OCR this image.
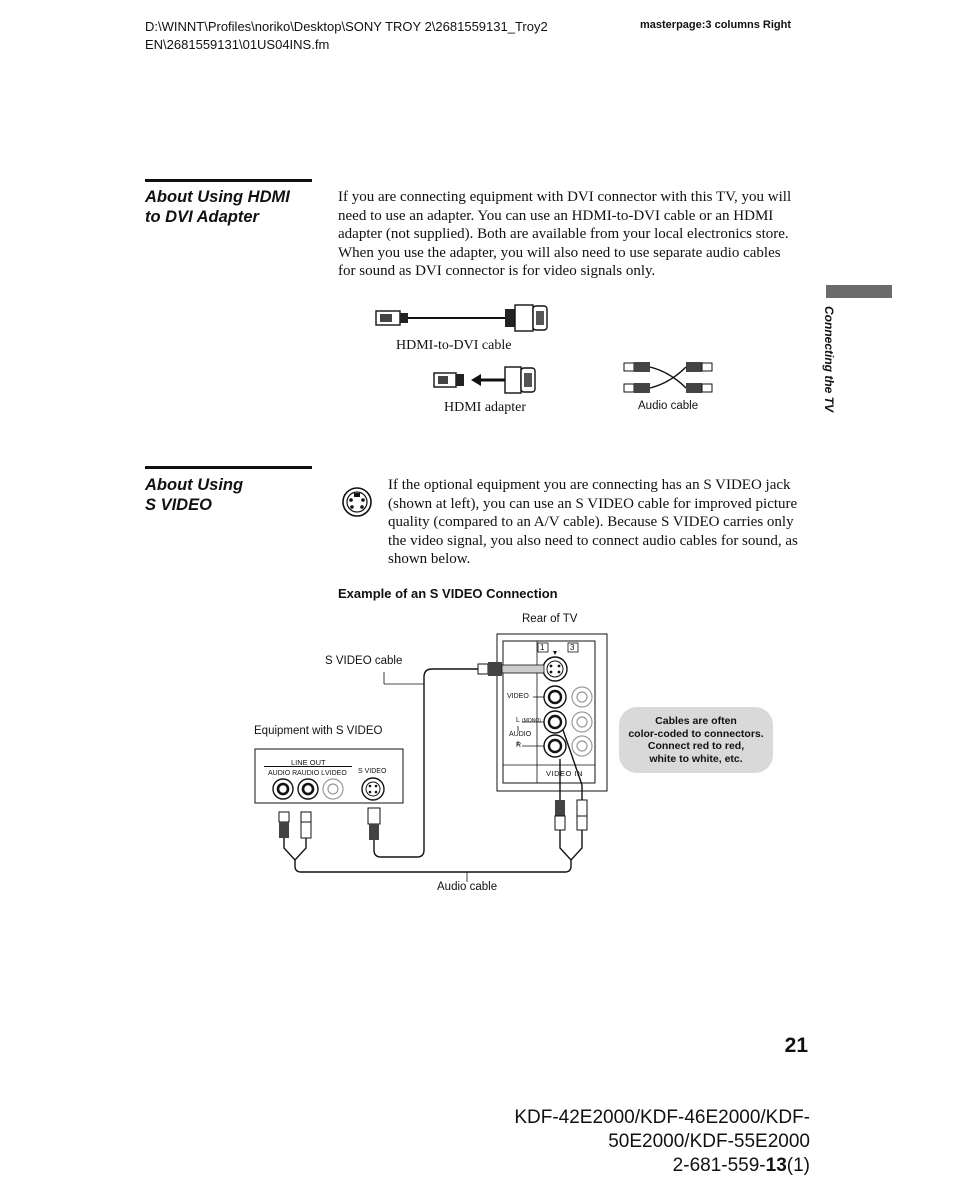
D:\WINNT\Profiles\noriko\Desktop\SONY TROY 2\2681559131_Troy2
EN\2681559131\01US04INS.fm
masterpage:3 columns Right
Connecting the TV
About Using HDMI
to DVI Adapter
If you are connecting equipment with DVI connector with this TV, you will
need to use an adapter. You can use an HDMI-to-DVI cable or an HDMI
adapter (not supplied). Both are available from your local electronics store.
When you use the adapter, you will also need to use separate audio cables
for sound as DVI connector is for video signals only.
HDMI-to-DVI cable
HDMI adapter	Audio cable
About Using
S VIDEO
If the optional equipment you are connecting has an S VIDEO jack
(shown at left), you can use an S VIDEO cable for improved picture
quality (compared to an A/V cable). Because S VIDEO carries only
the video signal, you also need to connect audio cables for sound, as
shown below.
Example of an S VIDEO Connection
Rear of TV
S VIDEO cable
Equipment with S VIDEO
LINE OUT
AUDIO R AUDIO L VIDEO S VIDEO
1	3
VIDEO
L (MONO)
AUDIO
R
VIDEO IN
Audio cable
Cables are often
color-coded to connectors.
Connect red to red,
white to white, etc.
21
KDF-42E2000/KDF-46E2000/KDF-50E2000/KDF-55E2000
2-681-559-13(1)
